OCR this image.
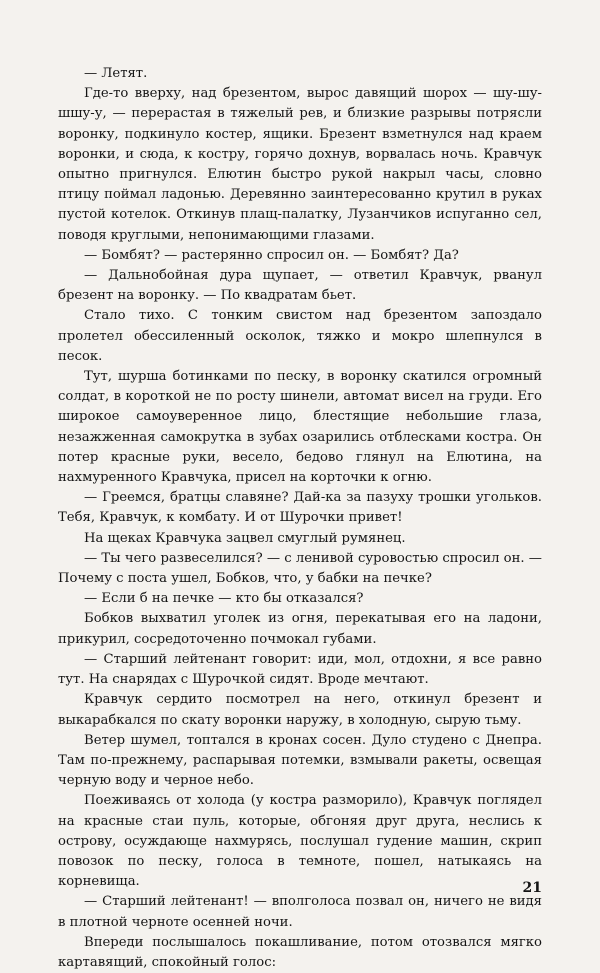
— Летят.

Где-то вверху, над брезентом, вырос давящий шорох — шу-шу-шшу-у, — перерастая в тяжелый рев, и близкие разрывы потрясли воронку, подкинуло костер, ящики. Брезент взметнулся над краем воронки, и сюда, к костру, горячо дохнув, ворвалась ночь. Кравчук опытно пригнулся. Елютин быстро рукой накрыл часы, словно птицу поймал ладонью. Деревянно заинтересованно крутил в руках пустой котелок. Откинув плащ-палатку, Лузанчиков испуганно сел, поводя круглыми, непонимающими глазами.

— Бомбят? — растерянно спросил он. — Бомбят? Да?

— Дальнобойная дура щупает, — ответил Кравчук, рванул брезент на воронку. — По квадратам бьет.

Стало тихо. С тонким свистом над брезентом запоздало пролетел обессиленный осколок, тяжко и мокро шлепнулся в песок.

Тут, шурша ботинками по песку, в воронку скатился огромный солдат, в короткой не по росту шинели, автомат висел на груди. Его широкое самоуверенное лицо, блестящие небольшие глаза, незажженная самокрутка в зубах озарились отблесками костра. Он потер красные руки, весело, бедово глянул на Елютина, на нахмуренного Кравчука, присел на корточки к огню.

— Греемся, братцы славяне? Дай-ка за пазуху трошки угольков. Тебя, Кравчук, к комбату. И от Шурочки привет!

На щеках Кравчука зацвел смуглый румянец.

— Ты чего развеселился? — с ленивой суровостью спросил он. — Почему с поста ушел, Бобков, что, у бабки на печке?

— Если б на печке — кто бы отказался?

Бобков выхватил уголек из огня, перекатывая его на ладони, прикурил, сосредоточенно почмокал губами.

— Старший лейтенант говорит: иди, мол, отдохни, я все равно тут. На снарядах с Шурочкой сидят. Вроде мечтают.

Кравчук сердито посмотрел на него, откинул брезент и выкарабкался по скату воронки наружу, в холодную, сырую тьму.

Ветер шумел, топтался в кронах сосен. Дуло студено с Днепра. Там по-прежнему, распарывая потемки, взмывали ракеты, освещая черную воду и черное небо.

Поеживаясь от холода (у костра разморило), Кравчук поглядел на красные стаи пуль, которые, обгоняя друг друга, неслись к острову, осуждающе нахмурясь, послушал гудение машин, скрип повозок по песку, голоса в темноте, пошел, натыкаясь на корневища.

— Старший лейтенант! — вполголоса позвал он, ничего не видя в плотной черноте осенней ночи.

Впереди послышалось покашливание, потом отозвался мягко картавящий, спокойный голос:

21
